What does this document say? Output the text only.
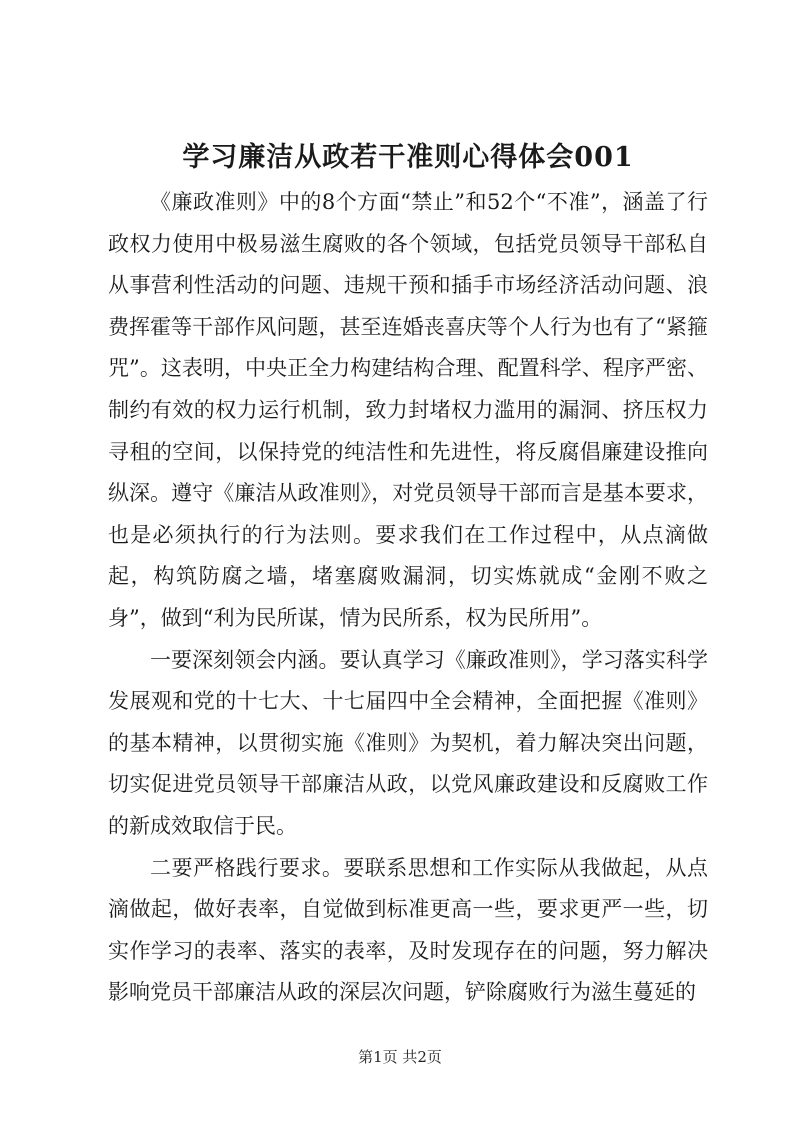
学习廉洁从政若干准则心得体会001

《廉政准则》中的8个方面“禁止”和52个“不准”，涵盖了行政权力使用中极易滋生腐败的各个领域，包括党员领导干部私自从事营利性活动的问题、违规干预和插手市场经济活动问题、浪费挥霍等干部作风问题，甚至连婚丧喜庆等个人行为也有了“紧箍咒”。这表明，中央正全力构建结构合理、配置科学、程序严密、制约有效的权力运行机制，致力封堵权力滥用的漏洞、挤压权力寻租的空间，以保持党的纯洁性和先进性，将反腐倡廉建设推向纵深。遵守《廉洁从政准则》，对党员领导干部而言是基本要求，也是必须执行的行为法则。要求我们在工作过程中，从点滴做起，构筑防腐之墙，堵塞腐败漏洞，切实炼就成“金刚不败之身”，做到“利为民所谋，情为民所系，权为民所用”。

一要深刻领会内涵。要认真学习《廉政准则》，学习落实科学发展观和党的十七大、十七届四中全会精神，全面把握《准则》的基本精神，以贯彻实施《准则》为契机，着力解决突出问题，切实促进党员领导干部廉洁从政，以党风廉政建设和反腐败工作的新成效取信于民。

二要严格践行要求。要联系思想和工作实际从我做起，从点滴做起，做好表率，自觉做到标准更高一些，要求更严一些，切实作学习的表率、落实的表率，及时发现存在的问题，努力解决影响党员干部廉洁从政的深层次问题，铲除腐败行为滋生蔓延的

第1页 共2页
